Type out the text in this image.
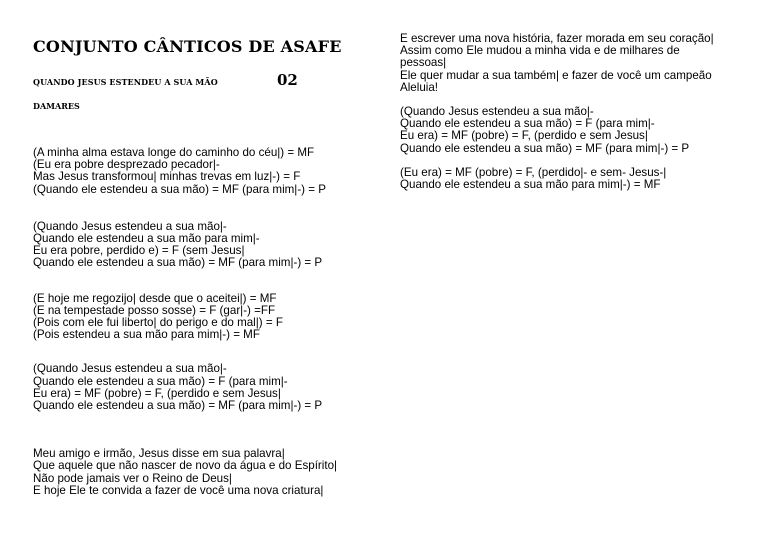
CONJUNTO CÂNTICOS DE ASAFE
QUANDO JESUS ESTENDEU A SUA MÃO	02
DAMARES
(A minha alma estava longe do caminho do céu|) = MF
(Eu era pobre desprezado pecador|-
Mas Jesus transformou| minhas trevas em luz|-) = F
(Quando ele estendeu a sua mão) = MF (para mim|-) = P
(Quando Jesus estendeu a sua mão|-
Quando ele estendeu a sua mão para mim|-
Eu era pobre, perdido e) = F (sem Jesus|
Quando ele estendeu a sua mão) = MF (para mim|-) = P
(E hoje me regozijo| desde que o aceitei|) = MF
(E na tempestade posso sosse) = F (gar|-) =FF
(Pois com ele fui liberto| do perigo e do mal|) = F
(Pois estendeu a sua mão para mim|-) = MF
(Quando Jesus estendeu a sua mão|-
Quando ele estendeu a sua mão) = F (para mim|-
Eu era) = MF (pobre) = F, (perdido e sem Jesus|
Quando ele estendeu a sua mão) = MF (para mim|-) = P
Meu amigo e irmão, Jesus disse em sua palavra|
Que aquele que não nascer de novo da água e do Espírito|
Não pode jamais ver o Reino de Deus|
E hoje Ele te convida a fazer de você uma nova criatura|
E escrever uma nova história, fazer morada em seu coração|
Assim como Ele mudou a minha vida e de milhares de
pessoas|
Ele quer mudar a sua também| e fazer de você um campeão
Aleluia!
(Quando Jesus estendeu a sua mão|-
Quando ele estendeu a sua mão) = F (para mim|-
Eu era) = MF (pobre) = F, (perdido e sem Jesus|
Quando ele estendeu a sua mão) = MF (para mim|-) = P
(Eu era) = MF (pobre) = F, (perdido|- e sem- Jesus-|
Quando ele estendeu a sua mão para mim|-) = MF
